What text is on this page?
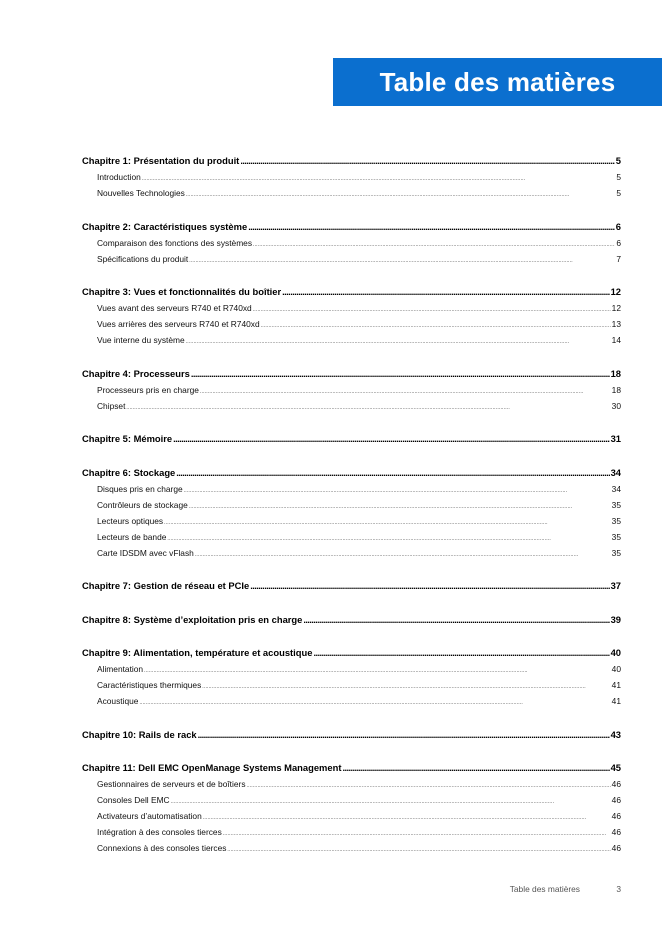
Table des matières
Chapitre 1: Présentation du produit . . .	5
Introduction . . .	5
Nouvelles Technologies . . .	5
Chapitre 2: Caractéristiques système . . .	6
Comparaison des fonctions des systèmes . . .	6
Spécifications du produit . . .	7
Chapitre 3: Vues et fonctionnalités du boîtier . . .	12
Vues avant des serveurs R740 et R740xd . . .	12
Vues arrières des serveurs R740 et R740xd . . .	13
Vue interne du système . . .	14
Chapitre 4: Processeurs . . .	18
Processeurs pris en charge . . .	18
Chipset . . .	30
Chapitre 5: Mémoire . . .	31
Chapitre 6: Stockage . . .	34
Disques pris en charge . . .	34
Contrôleurs de stockage . . .	35
Lecteurs optiques . . .	35
Lecteurs de bande . . .	35
Carte IDSDM avec vFlash . . .	35
Chapitre 7: Gestion de réseau et PCIe . . .	37
Chapitre 8: Système d’exploitation pris en charge . . .	39
Chapitre 9: Alimentation, température et acoustique . . .	40
Alimentation . . .	40
Caractéristiques thermiques . . .	41
Acoustique . . .	41
Chapitre 10: Rails de rack . . .	43
Chapitre 11: Dell EMC OpenManage Systems Management . . .	45
Gestionnaires de serveurs et de boîtiers . . .	46
Consoles Dell EMC . . .	46
Activateurs d’automatisation . . .	46
Intégration à des consoles tierces . . .	46
Connexions à des consoles tierces . . .	46
Table des matières	3
